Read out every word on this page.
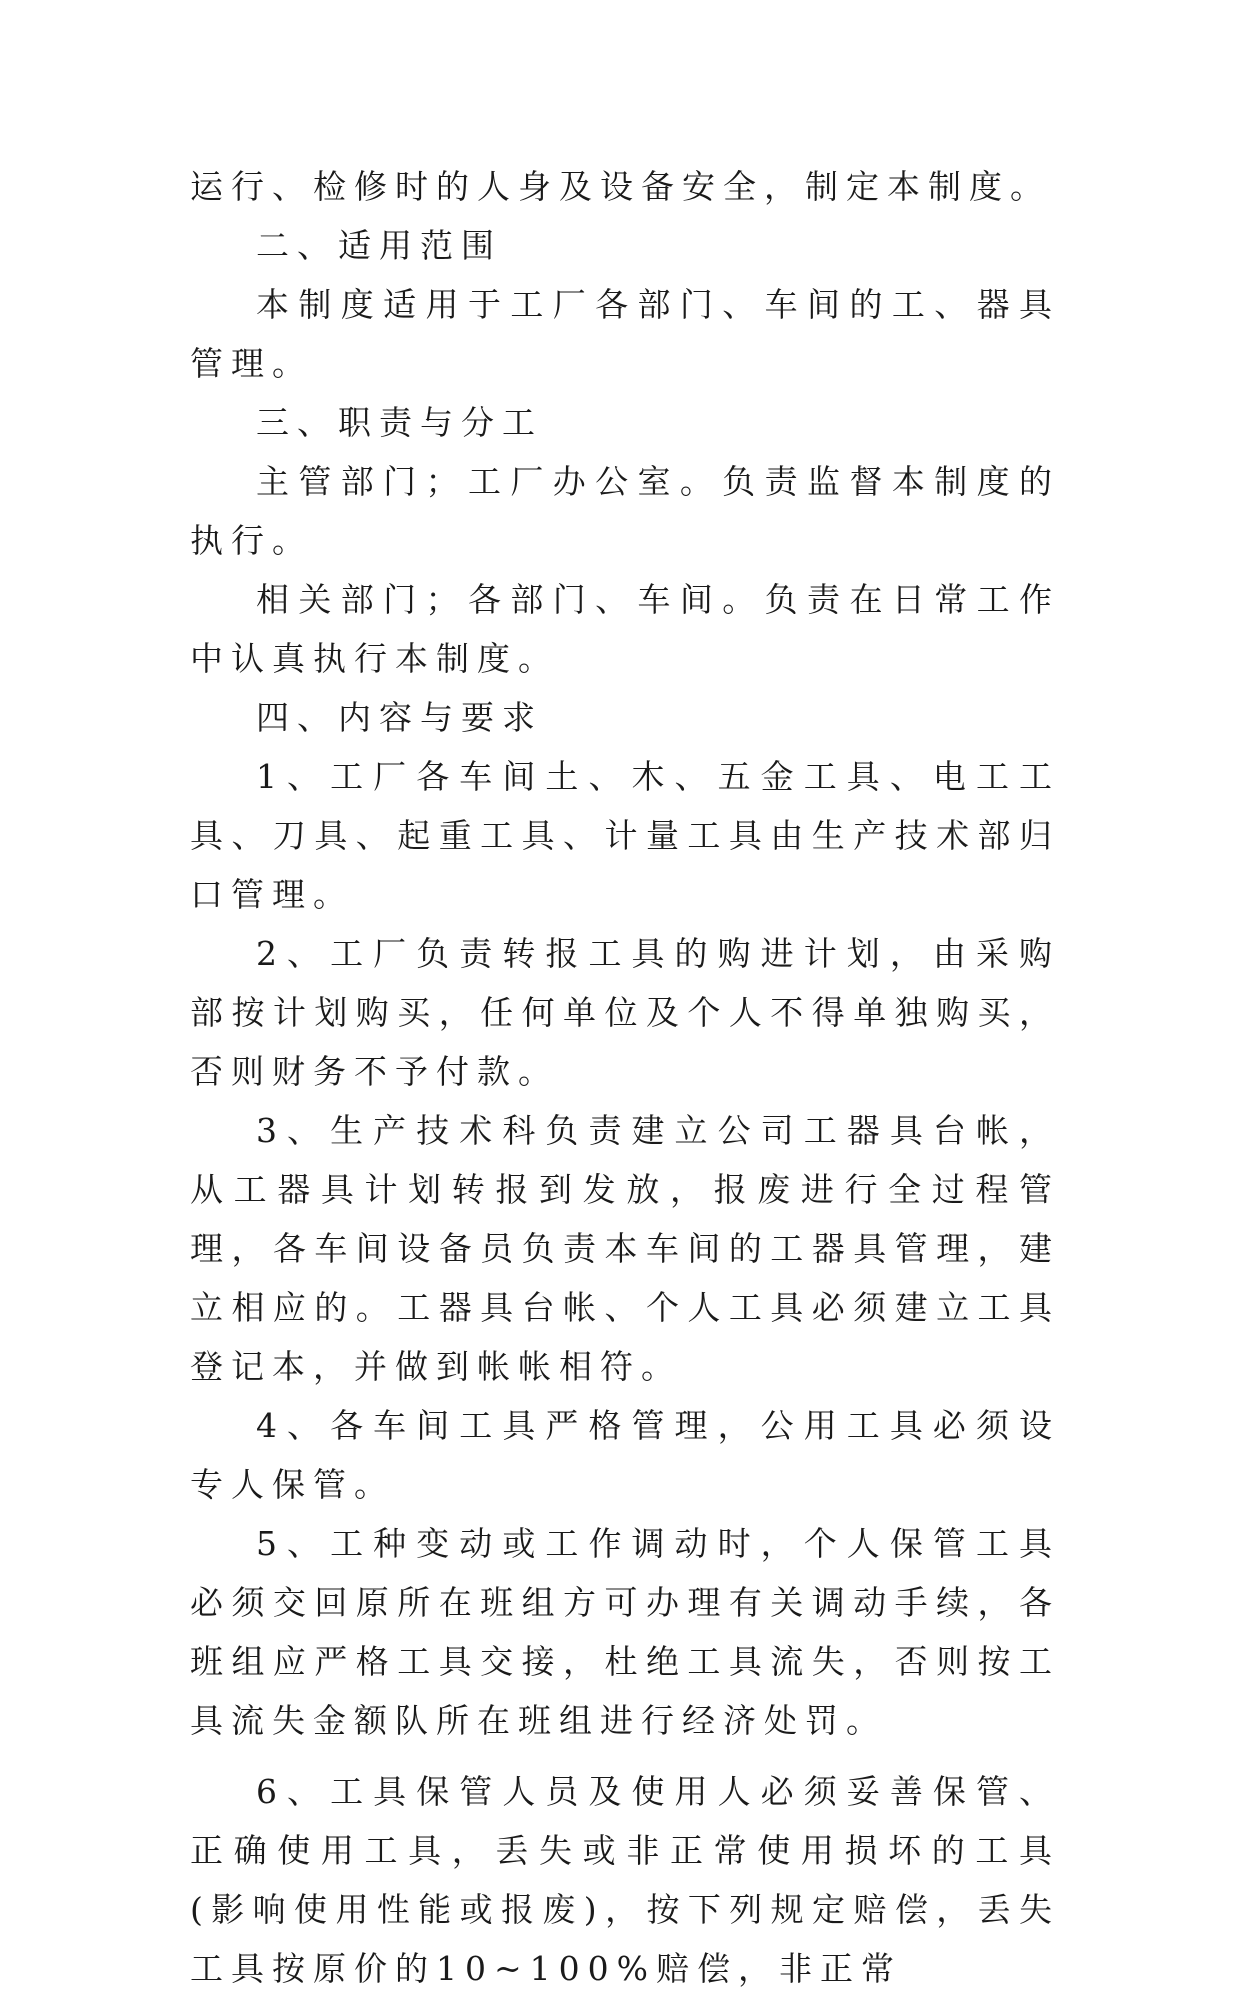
运行、检修时的人身及设备安全，制定本制度。

二、适用范围

本制度适用于工厂各部门、车间的工、器具管理。

三、职责与分工

主管部门；工厂办公室。负责监督本制度的执行。

相关部门；各部门、车间。负责在日常工作中认真执行本制度。

四、内容与要求

1、工厂各车间土、木、五金工具、电工工具、刀具、起重工具、计量工具由生产技术部归口管理。

2、工厂负责转报工具的购进计划，由采购部按计划购买，任何单位及个人不得单独购买，否则财务不予付款。

3、生产技术科负责建立公司工器具台帐，从工器具计划转报到发放，报废进行全过程管理，各车间设备员负责本车间的工器具管理，建立相应的。工器具台帐、个人工具必须建立工具登记本，并做到帐帐相符。

4、各车间工具严格管理，公用工具必须设专人保管。

5、工种变动或工作调动时，个人保管工具必须交回原所在班组方可办理有关调动手续，各班组应严格工具交接，杜绝工具流失，否则按工具流失金额队所在班组进行经济处罚。

6、工具保管人员及使用人必须妥善保管、正确使用工具，丢失或非正常使用损坏的工具(影响使用性能或报废)，按下列规定赔偿，丢失工具按原价的10~100%赔偿，非正常
